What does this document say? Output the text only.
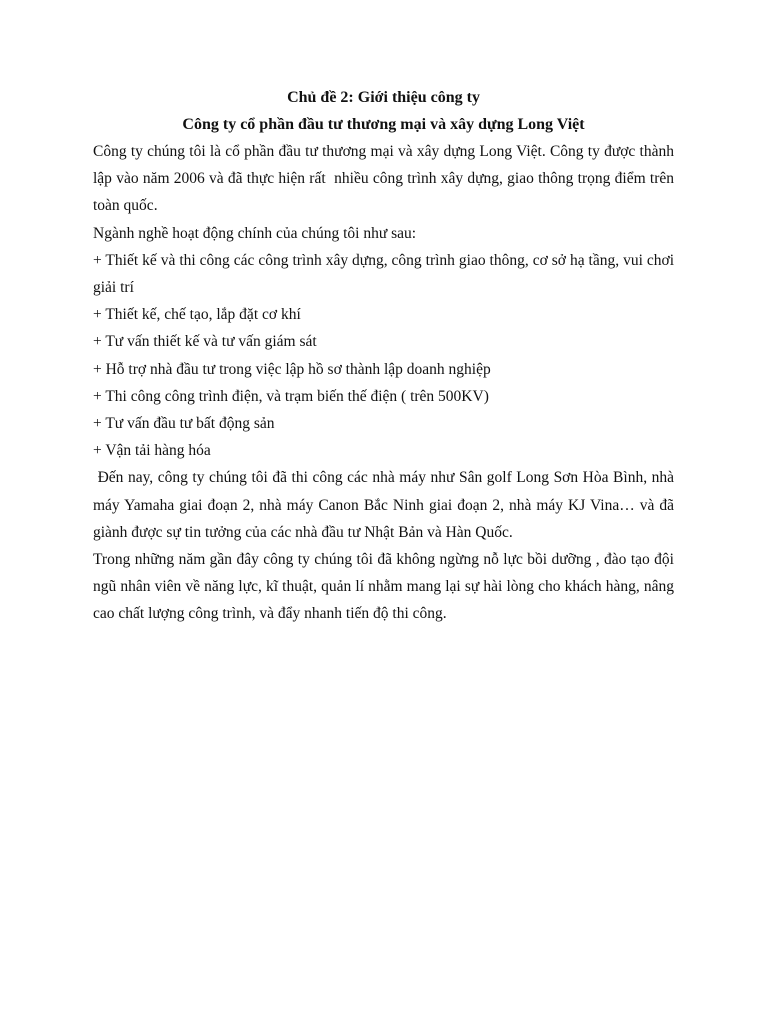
Chủ đề 2: Giới thiệu công ty

Công ty cổ phần đầu tư thương mại và xây dựng Long Việt

Công ty chúng tôi là cổ phần đầu tư thương mại và xây dựng Long Việt. Công ty được thành lập vào năm 2006 và đã thực hiện rất  nhiều công trình xây dựng, giao thông trọng điểm trên toàn quốc.

Ngành nghề hoạt động chính của chúng tôi như sau:

+ Thiết kế và thi công các công trình xây dựng, công trình giao thông, cơ sở hạ tầng, vui chơi giải trí

+ Thiết kế, chế tạo, lắp đặt cơ khí

+ Tư vấn thiết kế và tư vấn giám sát

+ Hỗ trợ nhà đầu tư trong việc lập hồ sơ thành lập doanh nghiệp

+ Thi công công trình điện, và trạm biến thế điện ( trên 500KV)

+ Tư vấn đầu tư bất động sản

+ Vận tải hàng hóa

Đến nay, công ty chúng tôi đã thi công các nhà máy như Sân golf Long Sơn Hòa Bình, nhà máy Yamaha giai đoạn 2, nhà máy Canon Bắc Ninh giai đoạn 2, nhà máy KJ Vina… và đã giành được sự tin tưởng của các nhà đầu tư Nhật Bản và Hàn Quốc.

Trong những năm gần đây công ty chúng tôi đã không ngừng nỗ lực bồi dưỡng , đào tạo đội ngũ nhân viên về năng lực, kĩ thuật, quản lí nhằm mang lại sự hài lòng cho khách hàng, nâng cao chất lượng công trình, và đẩy nhanh tiến độ thi công.
